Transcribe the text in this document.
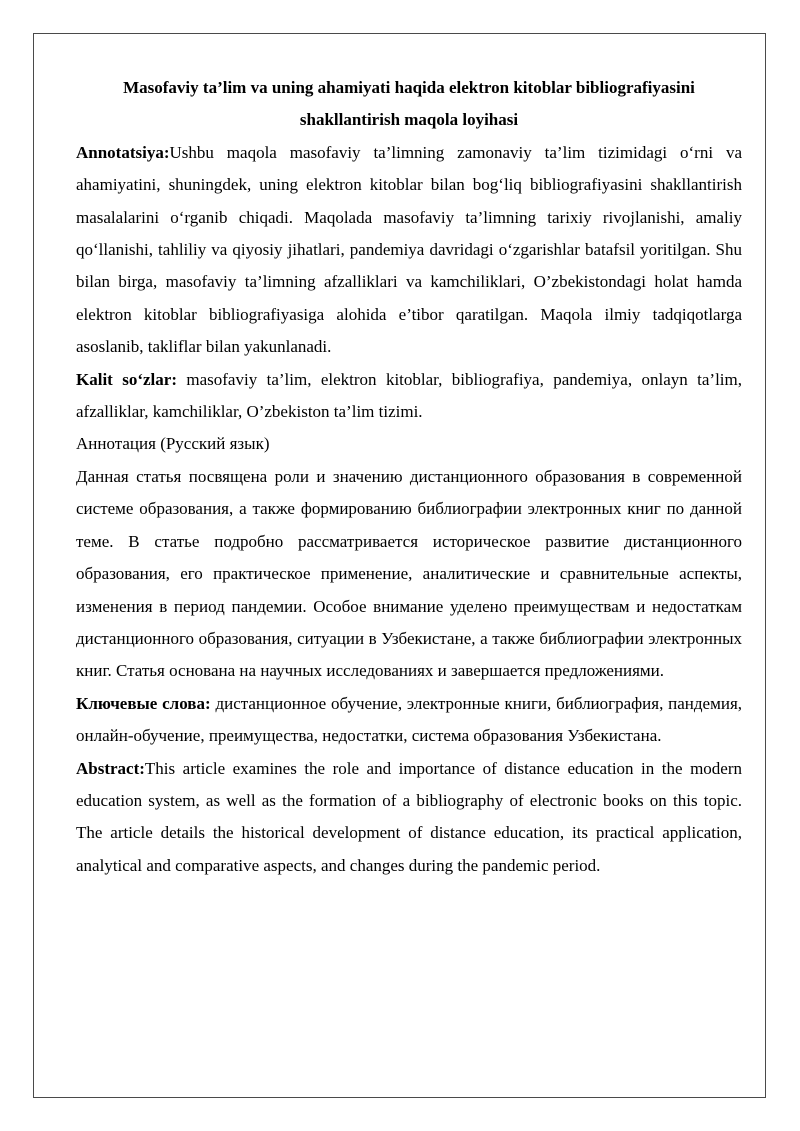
Masofaviy ta’lim va uning ahamiyati haqida elektron kitoblar bibliografiyasini shakllantirish maqola loyihasi

Annotatsiya:Ushbu maqola masofaviy ta’limning zamonaviy ta’lim tizimidagi o‘rni va ahamiyatini, shuningdek, uning elektron kitoblar bilan bog‘liq bibliografiyasini shakllantirish masalalarini o‘rganib chiqadi. Maqolada masofaviy ta’limning tarixiy rivojlanishi, amaliy qo‘llanishi, tahliliy va qiyosiy jihatlari, pandemiya davridagi o‘zgarishlar batafsil yoritilgan. Shu bilan birga, masofaviy ta’limning afzalliklari va kamchiliklari, O’zbekistondagi holat hamda elektron kitoblar bibliografiyasiga alohida e’tibor qaratilgan. Maqola ilmiy tadqiqotlarga asoslanib, takliflar bilan yakunlanadi.

Kalit so‘zlar: masofaviy ta’lim, elektron kitoblar, bibliografiya, pandemiya, onlayn ta’lim, afzalliklar, kamchiliklar, O’zbekiston ta’lim tizimi.

Аннотация (Русский язык)

Данная статья посвящена роли и значению дистанционного образования в современной системе образования, а также формированию библиографии электронных книг по данной теме. В статье подробно рассматривается историческое развитие дистанционного образования, его практическое применение, аналитические и сравнительные аспекты, изменения в период пандемии. Особое внимание уделено преимуществам и недостаткам дистанционного образования, ситуации в Узбекистане, а также библиографии электронных книг. Статья основана на научных исследованиях и завершается предложениями.

Ключевые слова: дистанционное обучение, электронные книги, библиография, пандемия, онлайн-обучение, преимущества, недостатки, система образования Узбекистана.

Abstract:This article examines the role and importance of distance education in the modern education system, as well as the formation of a bibliography of electronic books on this topic. The article details the historical development of distance education, its practical application, analytical and comparative aspects, and changes during the pandemic period.
